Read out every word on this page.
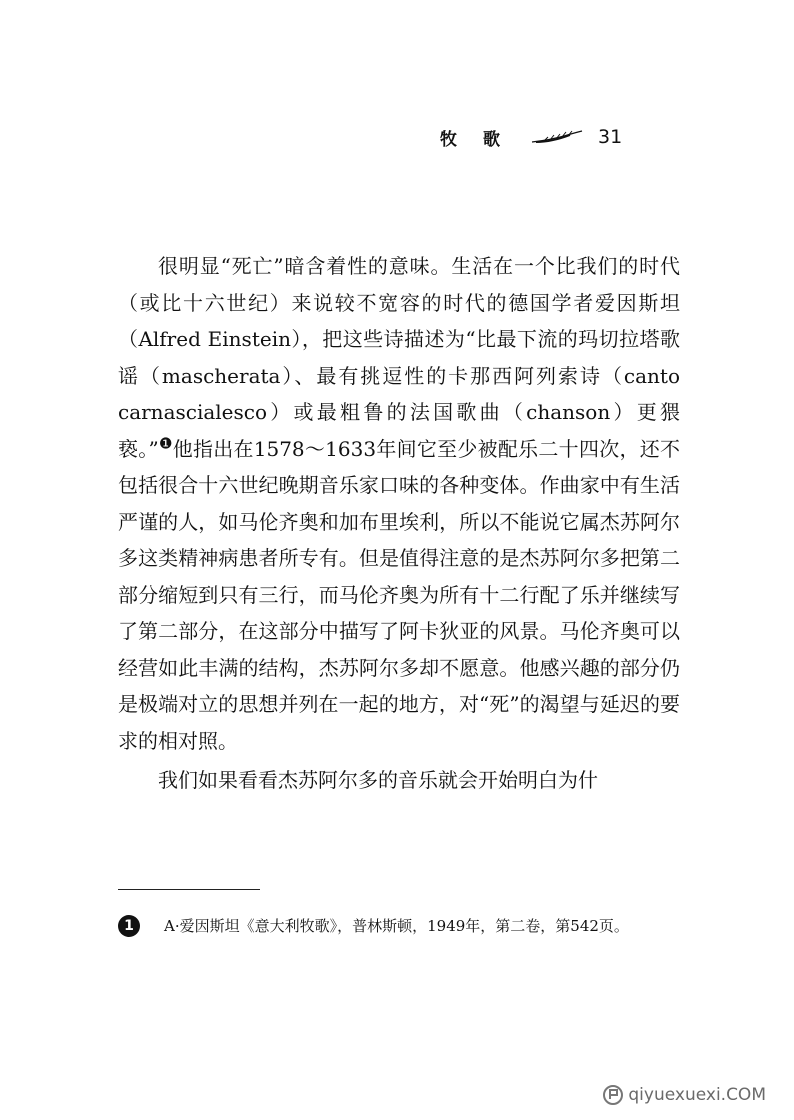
牧歌	31

很明显“死亡”暗含着性的意味。生活在一个比我们的时代（或比十六世纪）来说较不宽容的时代的德国学者爱因斯坦（Alfred Einstein），把这些诗描述为“比最下流的玛切拉塔歌谣（mascherata）、最有挑逗性的卡那西阿列索诗（canto carnascialesco）或最粗鲁的法国歌曲（chanson）更猥亵。”$^❶$他指出在1578～1633年间它至少被配乐二十四次，还不包括很合十六世纪晚期音乐家口味的各种变体。作曲家中有生活严谨的人，如马伦齐奥和加布里埃利，所以不能说它属杰苏阿尔多这类精神病患者所专有。但是值得注意的是杰苏阿尔多把第二部分缩短到只有三行，而马伦齐奥为所有十二行配了乐并继续写了第二部分，在这部分中描写了阿卡狄亚的风景。马伦齐奥可以经营如此丰满的结构，杰苏阿尔多却不愿意。他感兴趣的部分仍是极端对立的思想并列在一起的地方，对“死”的渴望与延迟的要求的相对照。

我们如果看看杰苏阿尔多的音乐就会开始明白为什

1	A·爱因斯坦《意大利牧歌》，普林斯顿，1949年，第二卷，第542页。
qiyuexuexi.COM
